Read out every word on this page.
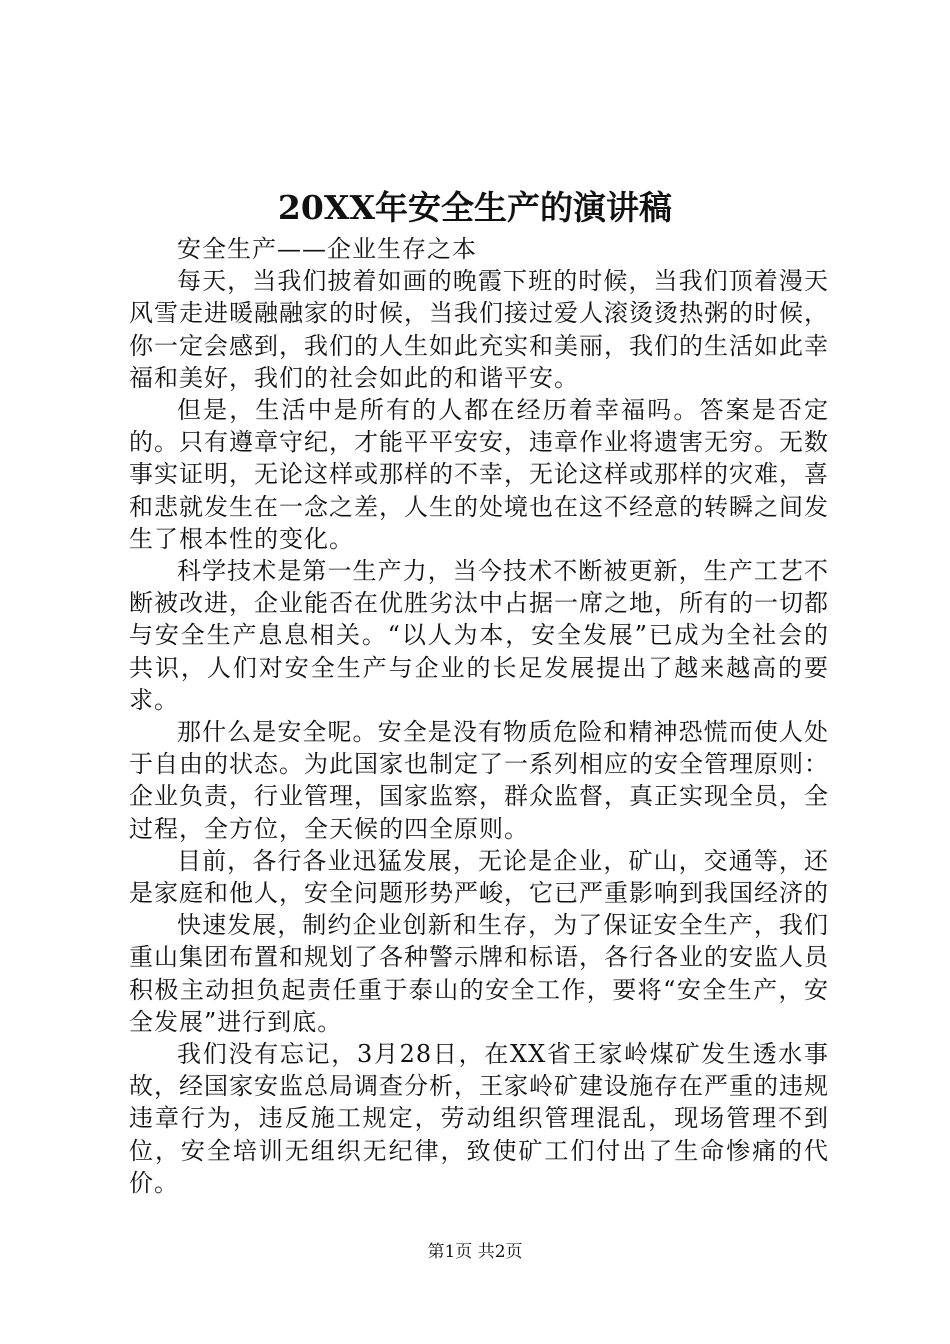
20XX年安全生产的演讲稿

安全生产——企业生存之本

每天，当我们披着如画的晚霞下班的时候，当我们顶着漫天风雪走进暖融融家的时候，当我们接过爱人滚烫烫热粥的时候，你一定会感到，我们的人生如此充实和美丽，我们的生活如此幸福和美好，我们的社会如此的和谐平安。

但是，生活中是所有的人都在经历着幸福吗。答案是否定的。只有遵章守纪，才能平平安安，违章作业将遗害无穷。无数事实证明，无论这样或那样的不幸，无论这样或那样的灾难，喜和悲就发生在一念之差，人生的处境也在这不经意的转瞬之间发生了根本性的变化。

科学技术是第一生产力，当今技术不断被更新，生产工艺不断被改进，企业能否在优胜劣汰中占据一席之地，所有的一切都与安全生产息息相关。“以人为本，安全发展”已成为全社会的共识，人们对安全生产与企业的长足发展提出了越来越高的要求。

那什么是安全呢。安全是没有物质危险和精神恐慌而使人处于自由的状态。为此国家也制定了一系列相应的安全管理原则：企业负责，行业管理，国家监察，群众监督，真正实现全员，全过程，全方位，全天候的四全原则。

目前，各行各业迅猛发展，无论是企业，矿山，交通等，还是家庭和他人，安全问题形势严峻，它已严重影响到我国经济的

快速发展，制约企业创新和生存，为了保证安全生产，我们重山集团布置和规划了各种警示牌和标语，各行各业的安监人员积极主动担负起责任重于泰山的安全工作，要将“安全生产，安全发展”进行到底。

我们没有忘记，3月28日，在XX省王家岭煤矿发生透水事故，经国家安监总局调查分析，王家岭矿建设施存在严重的违规违章行为，违反施工规定，劳动组织管理混乱，现场管理不到位，安全培训无组织无纪律，致使矿工们付出了生命惨痛的代价。

第1页 共2页
